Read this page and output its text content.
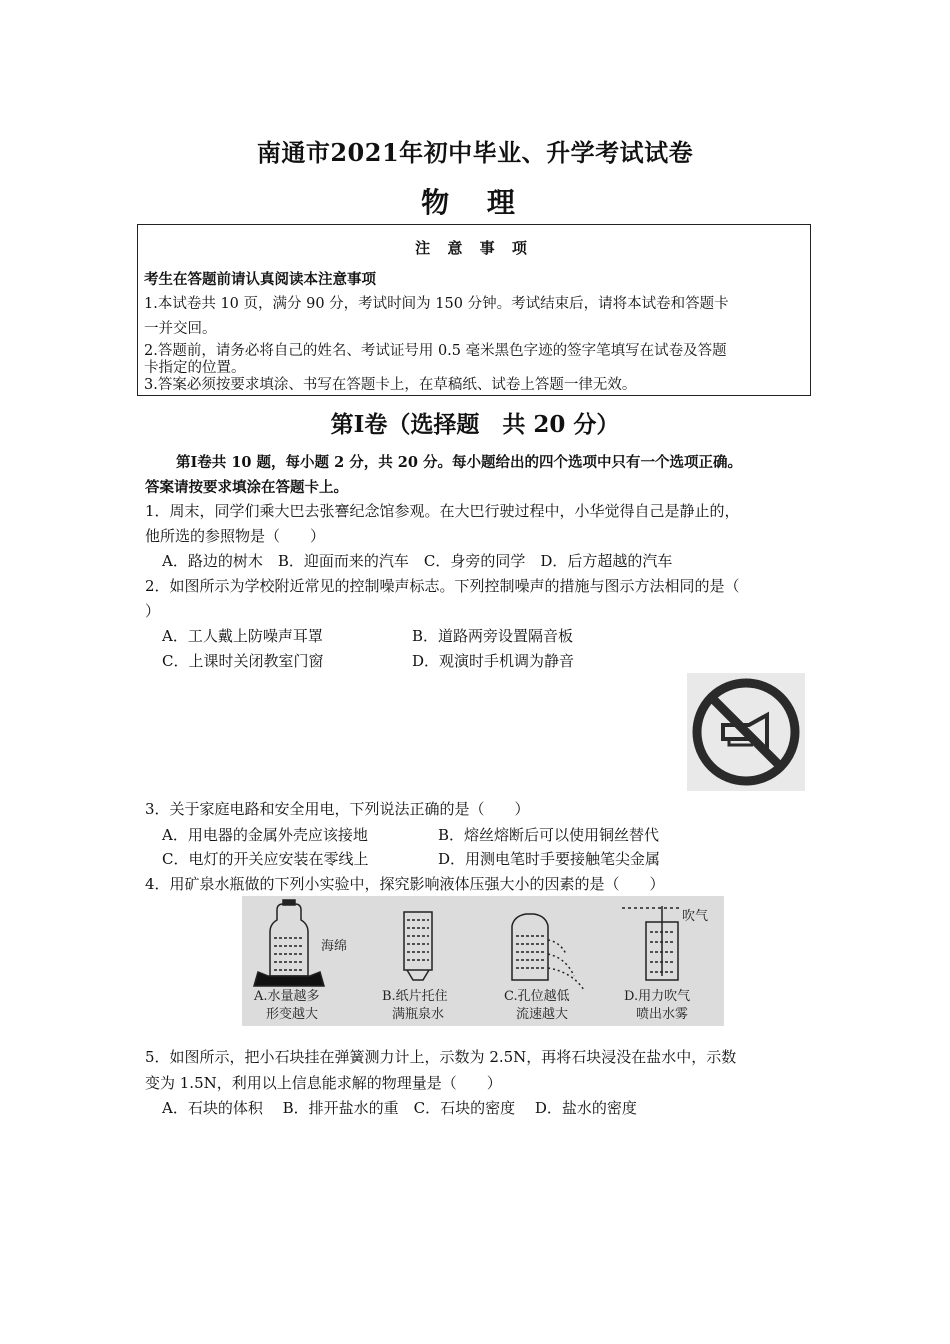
南通市2021年初中毕业、升学考试试卷
物 理
注 意 事 项
考生在答题前请认真阅读本注意事项
1.本试卷共 10 页，满分 90 分，考试时间为 150 分钟。考试结束后，请将本试卷和答题卡
一并交回。
2.答题前，请务必将自己的姓名、考试证号用 0.5 毫米黑色字迹的签字笔填写在试卷及答题
卡指定的位置。
3.答案必须按要求填涂、书写在答题卡上，在草稿纸、试卷上答题一律无效。
第Ⅰ卷（选择题　共 20 分）
第Ⅰ卷共 10 题，每小题 2 分，共 20 分。每小题给出的四个选项中只有一个选项正确。
答案请按要求填涂在答题卡上。
1．周末，同学们乘大巴去张謇纪念馆参观。在大巴行驶过程中，小华觉得自己是静止的，
他所选的参照物是（　　）
A．路边的树木　B．迎面而来的汽车　C．身旁的同学　D．后方超越的汽车
2．如图所示为学校附近常见的控制噪声标志。下列控制噪声的措施与图示方法相同的是（
）
A．工人戴上防噪声耳罩	B．道路两旁设置隔音板
C．上课时关闭教室门窗	D．观演时手机调为静音
3．关于家庭电路和安全用电，下列说法正确的是（　　）
A．用电器的金属外壳应该接地	B．熔丝熔断后可以使用铜丝替代
C．电灯的开关应安装在零线上	D．用测电笔时手要接触笔尖金属
4．用矿泉水瓶做的下列小实验中，探究影响液体压强大小的因素的是（　　）
海绵
吹气
A.水量越多
形变越大
B.纸片托住
满瓶泉水
C.孔位越低
流速越大
D.用力吹气
喷出水雾
5．如图所示，把小石块挂在弹簧测力计上，示数为 2.5N，再将石块浸没在盐水中，示数
变为 1.5N，利用以上信息能求解的物理量是（　　）
A．石块的体积　 B．排开盐水的重　C．石块的密度　 D．盐水的密度
